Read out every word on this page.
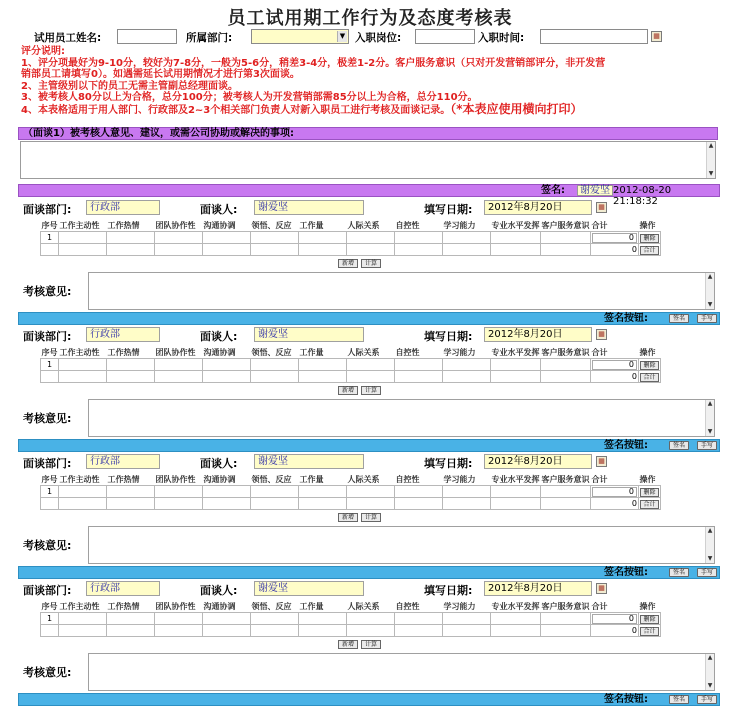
员工试用期工作行为及态度考核表
试用员工姓名:	所属部门:	▼ 入职岗位:	入职时间:	▦
评分说明:
1、评分项最好为9-10分，较好为7-8分，一般为5-6分，稍差3-4分，极差1-2分。客户服务意识（只对开发营销部评分，非开发营
销部员工请填写0）。如遇需延长试用期情况才进行第3次面谈。
2、主管级别以下的员工无需主管副总经理面谈。
3、被考核人80分以上为合格，总分100分；被考核人为开发营销部需85分以上为合格，总分110分。
4、本表格适用于用人部门、行政部及2~3个相关部门负责人对新入职员工进行考核及面谈记录。（*本表应使用横向打印）
（面谈1）被考核人意见、建议，或需公司协助或解决的事项:
▲
▼
签名:	谢爱坚 2012-08-20 21:18:32
面谈部门:	行政部	面谈人:	谢爱坚	填写日期:	2012年8月20日	▦
序号	工作主动性	工作热情	团队协作性	沟通协调	领悟、反应	工作量	人际关系	自控性	学习能力	专业水平发挥	客户服务意识	合计	操作
1												0	删除
												0	合计
新增 计算
考核意见:
▲
▼
签名按钮:	签名	手写
面谈部门:	行政部	面谈人:	谢爱坚	填写日期:	2012年8月20日	▦
序号	工作主动性	工作热情	团队协作性	沟通协调	领悟、反应	工作量	人际关系	自控性	学习能力	专业水平发挥	客户服务意识	合计	操作
1												0	删除
												0	合计
新增 计算
考核意见:
▲
▼
签名按钮:	签名	手写
面谈部门:	行政部	面谈人:	谢爱坚	填写日期:	2012年8月20日	▦
序号	工作主动性	工作热情	团队协作性	沟通协调	领悟、反应	工作量	人际关系	自控性	学习能力	专业水平发挥	客户服务意识	合计	操作
1												0	删除
												0	合计
新增 计算
考核意见:
▲
▼
签名按钮:	签名	手写
面谈部门:	行政部	面谈人:	谢爱坚	填写日期:	2012年8月20日	▦
序号	工作主动性	工作热情	团队协作性	沟通协调	领悟、反应	工作量	人际关系	自控性	学习能力	专业水平发挥	客户服务意识	合计	操作
1												0	删除
												0	合计
新增 计算
考核意见:
▲
▼
签名按钮:	签名	手写
